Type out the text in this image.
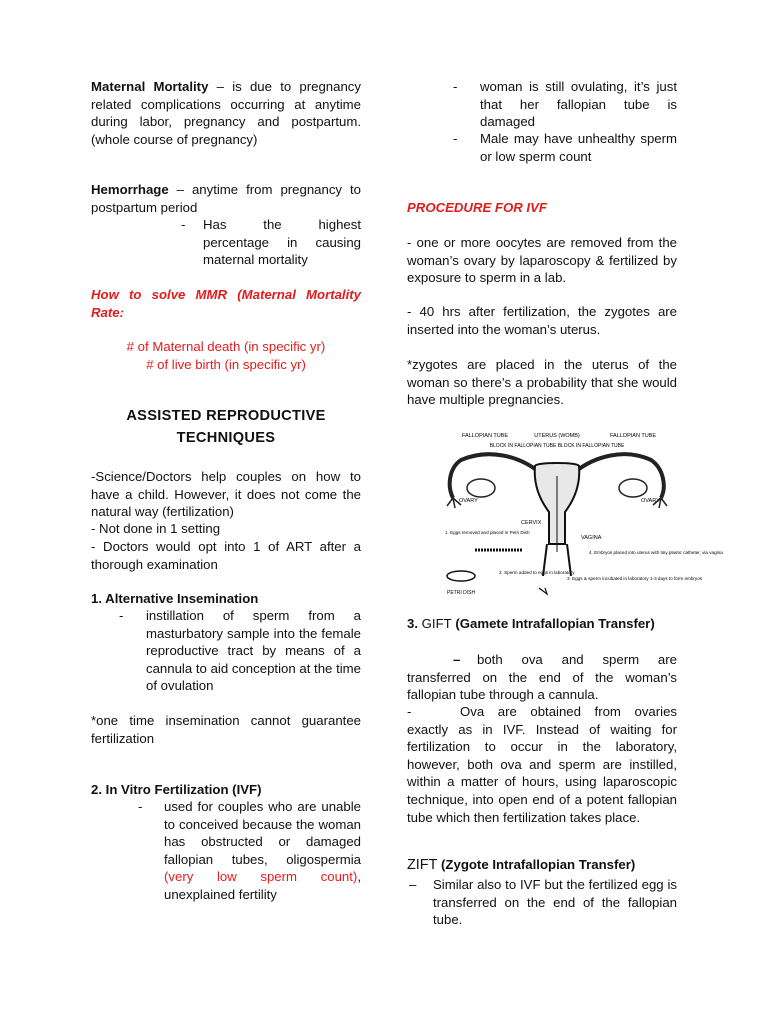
Maternal Mortality – is due to pregnancy related complications occurring at anytime during labor, pregnancy and postpartum. (whole course of pregnancy)

Hemorrhage – anytime from pregnancy to postpartum period

- Has the highest percentage in causing maternal mortality

How to solve MMR (Maternal Mortality Rate:

# of Maternal death (in specific yr)

# of live birth (in specific yr)

ASSISTED REPRODUCTIVE
TECHNIQUES

-Science/Doctors help couples on how to have a child. However, it does not come the natural way (fertilization)

- Not done in 1 setting

- Doctors would opt into 1 of ART after a thorough examination

1. Alternative Insemination

- instillation of sperm from a masturbatory sample into the female reproductive tract by means of a cannula to aid conception at the time of ovulation

*one time insemination cannot guarantee fertilization

2. In Vitro Fertilization (IVF)

- used for couples who are unable to conceived because the woman has obstructed or damaged fallopian tubes, oligospermia (very low sperm count), unexplained fertility

- woman is still ovulating, it’s just that her fallopian tube is damaged

- Male may have unhealthy sperm or low sperm count

PROCEDURE FOR IVF

- one or more oocytes are removed from the woman’s ovary by laparoscopy & fertilized by exposure to sperm in a lab.

- 40 hrs after fertilization, the zygotes are inserted into the woman’s uterus.

*zygotes are placed in the uterus of the woman so there’s a probability that she would have multiple pregnancies.

FALLOPIAN TUBE	UTERUS (WOMB)
BLOCK IN FALLOPIAN TUBE BLOCK IN FALLOPIAN TUBE
FALLOPIAN TUBE
OVARY	OVARY
CERVIX
VAGINA
1. Eggs removed and placed in Petri Dish
2. Sperm added to eggs in laboratory
3. Eggs & sperm incubated in laboratory 1-3 days to form embryos
4. Embryos placed into uterus with tiny plastic catheter, via vagina
PETRI DISH

3. GIFT (Gamete Intrafallopian Transfer)

–	both ova and sperm are transferred on the end of the woman’s fallopian tube through a cannula.

-	Ova are obtained from ovaries exactly as in IVF. Instead of waiting for fertilization to occur in the laboratory, however, both ova and sperm are instilled, within a matter of hours, using laparoscopic technique, into open end of a potent fallopian tube which then fertilization takes place.

ZIFT (Zygote Intrafallopian Transfer)

– Similar also to IVF but the fertilized egg is transferred on the end of the fallopian tube.
